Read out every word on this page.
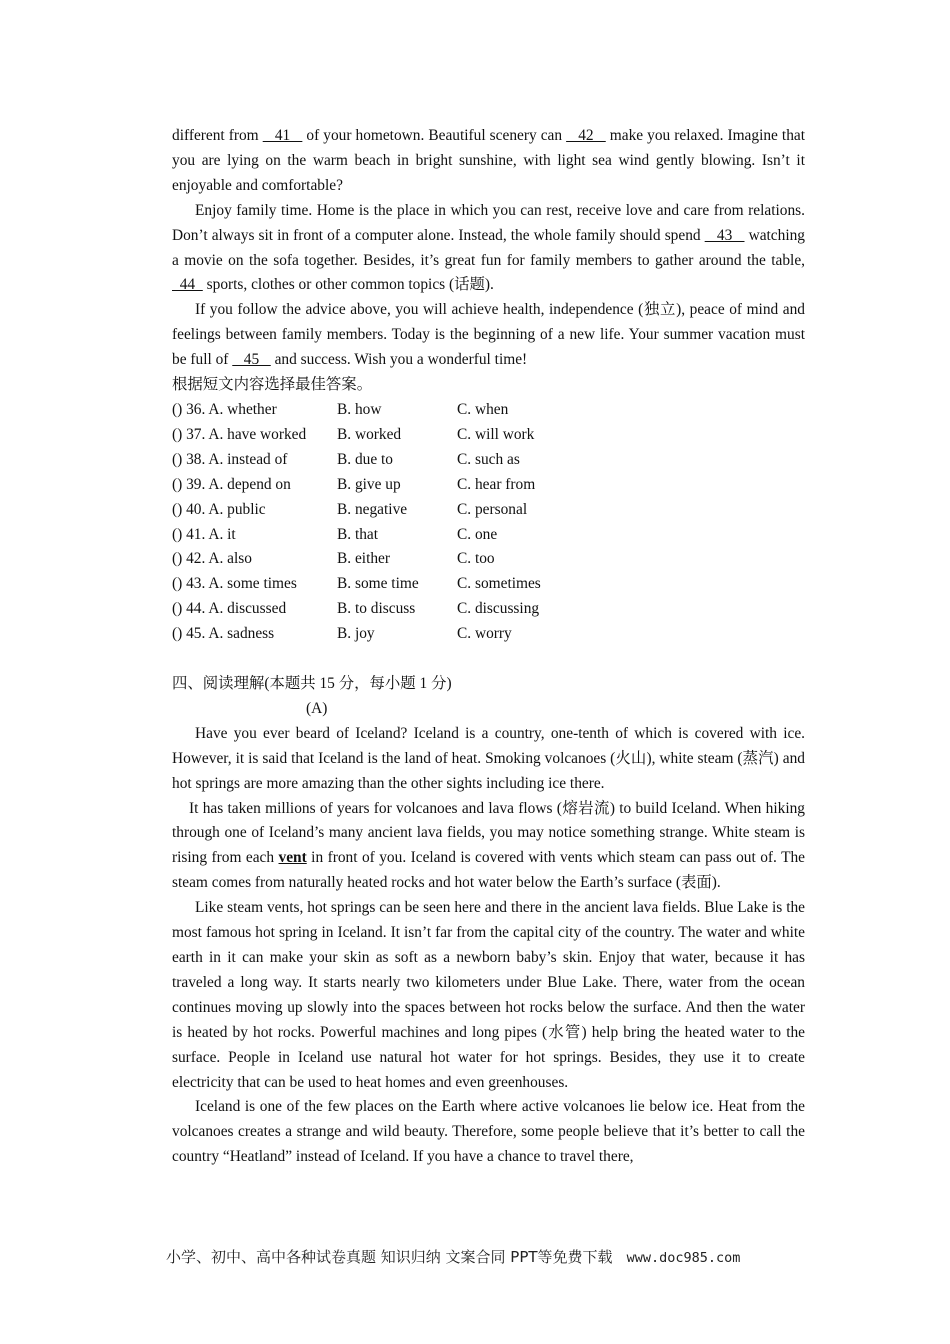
different from    41    of your hometown. Beautiful scenery can    42    make you relaxed. Imagine that you are lying on the warm beach in bright sunshine, with light sea wind gently blowing. Isn’t it enjoyable and comfortable?

Enjoy family time. Home is the place in which you can rest, receive love and care from relations. Don’t always sit in front of a computer alone. Instead, the whole family should spend    43    watching a movie on the sofa together. Besides, it’s great fun for family members to gather around the table,   44   sports, clothes or other common topics (话题).

If you follow the advice above, you will achieve health, independence (独立), peace of mind and feelings between family members. Today is the beginning of a new life. Your summer vacation must be full of    45    and success. Wish you a wonderful time!

根据短文内容选择最佳答案。

() 36. A. whether	B. how	C. when
() 37. A. have worked	B. worked	C. will work
() 38. A. instead of	B. due to	C. such as
() 39. A. depend on	B. give up	C. hear from
() 40. A. public	B. negative	C. personal
() 41. A. it	B. that	C. one
() 42. A. also	B. either	C. too
() 43. A. some times	B. some time	C. sometimes
() 44. A. discussed	B. to discuss	C. discussing
() 45. A. sadness	B. joy	C. worry

四、阅读理解(本题共 15 分，每小题 1 分)

(A)

Have you ever beard of Iceland? Iceland is a country, one-tenth of which is covered with ice. However, it is said that Iceland is the land of heat. Smoking volcanoes (火山), white steam (蒸汽) and hot springs are more amazing than the other sights including ice there.

It has taken millions of years for volcanoes and lava flows (熔岩流) to build Iceland. When hiking through one of Iceland’s many ancient lava fields, you may notice something strange. White steam is rising from each vent in front of you. Iceland is covered with vents which steam can pass out of. The steam comes from naturally heated rocks and hot water below the Earth’s surface (表面).

Like steam vents, hot springs can be seen here and there in the ancient lava fields. Blue Lake is the most famous hot spring in Iceland. It isn’t far from the capital city of the country. The water and white earth in it can make your skin as soft as a newborn baby’s skin. Enjoy that water, because it has traveled a long way. It starts nearly two kilometers under Blue Lake. There, water from the ocean continues moving up slowly into the spaces between hot rocks below the surface. And then the water is heated by hot rocks. Powerful machines and long pipes (水管) help bring the heated water to the surface. People in Iceland use natural hot water for hot springs. Besides, they use it to create electricity that can be used to heat homes and even greenhouses.

Iceland is one of the few places on the Earth where active volcanoes lie below ice. Heat from the volcanoes creates a strange and wild beauty. Therefore, some people believe that it’s better to call the country “Heatland” instead of Iceland. If you have a chance to travel there,

小学、初中、高中各种试卷真题 知识归纳 文案合同 PPT等免费下载 www.doc985.com
